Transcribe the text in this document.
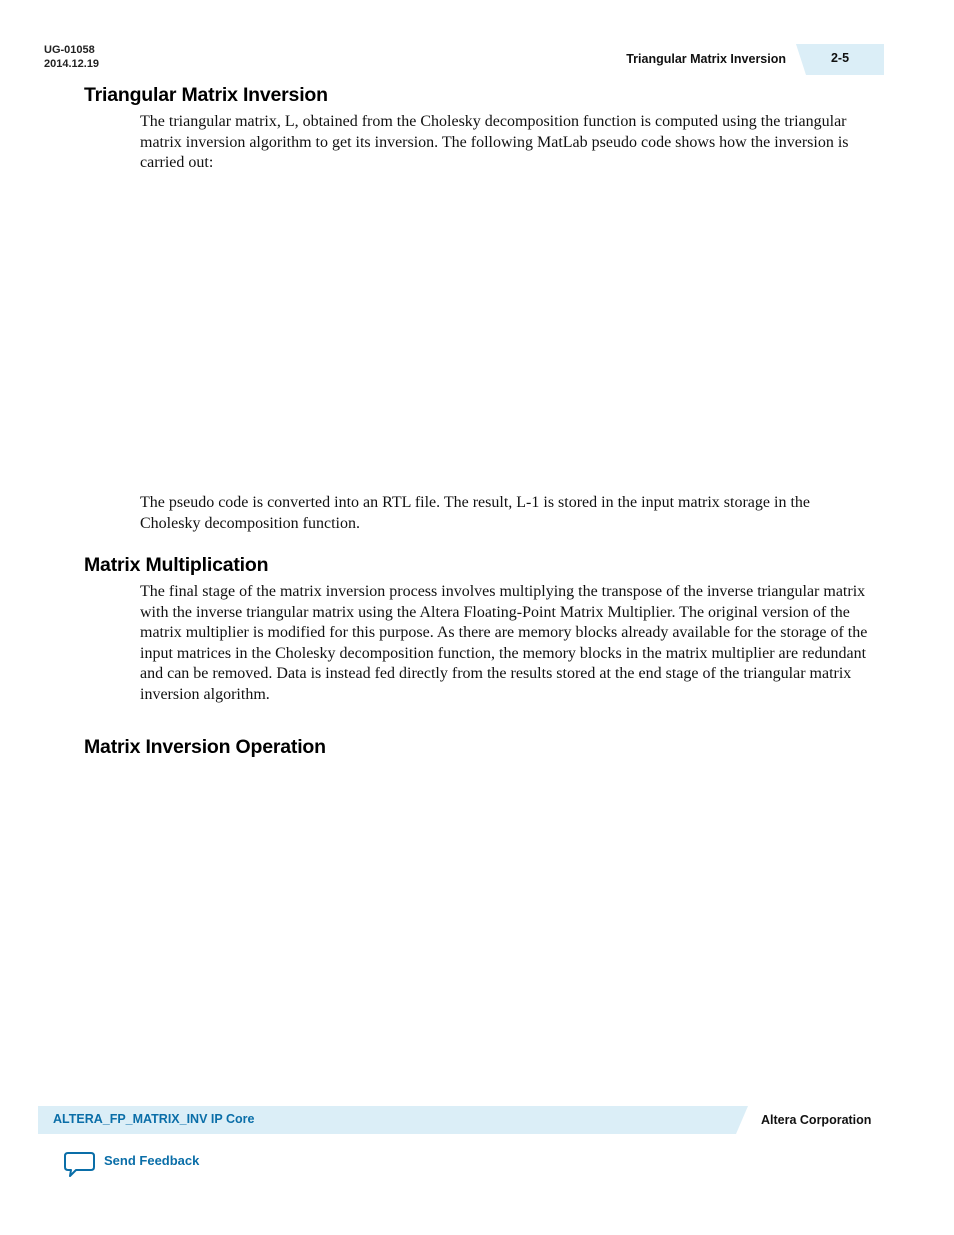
UG-01058
2014.12.19	Triangular Matrix Inversion	2-5
Triangular Matrix Inversion

The triangular matrix, L, obtained from the Cholesky decomposition function is computed using the triangular matrix inversion algorithm to get its inversion. The following MatLab pseudo code shows how the inversion is carried out:

The pseudo code is converted into an RTL file. The result, L-1 is stored in the input matrix storage in the Cholesky decomposition function.

Matrix Multiplication

The final stage of the matrix inversion process involves multiplying the transpose of the inverse triangular matrix with the inverse triangular matrix using the Altera Floating-Point Matrix Multiplier. The original version of the matrix multiplier is modified for this purpose. As there are memory blocks already available for the storage of the input matrices in the Cholesky decomposition function, the memory blocks in the matrix multiplier are redundant and can be removed. Data is instead fed directly from the results stored at the end stage of the triangular matrix inversion algorithm.

Matrix Inversion Operation
ALTERA_FP_MATRIX_INV IP Core	Altera Corporation
Send Feedback
